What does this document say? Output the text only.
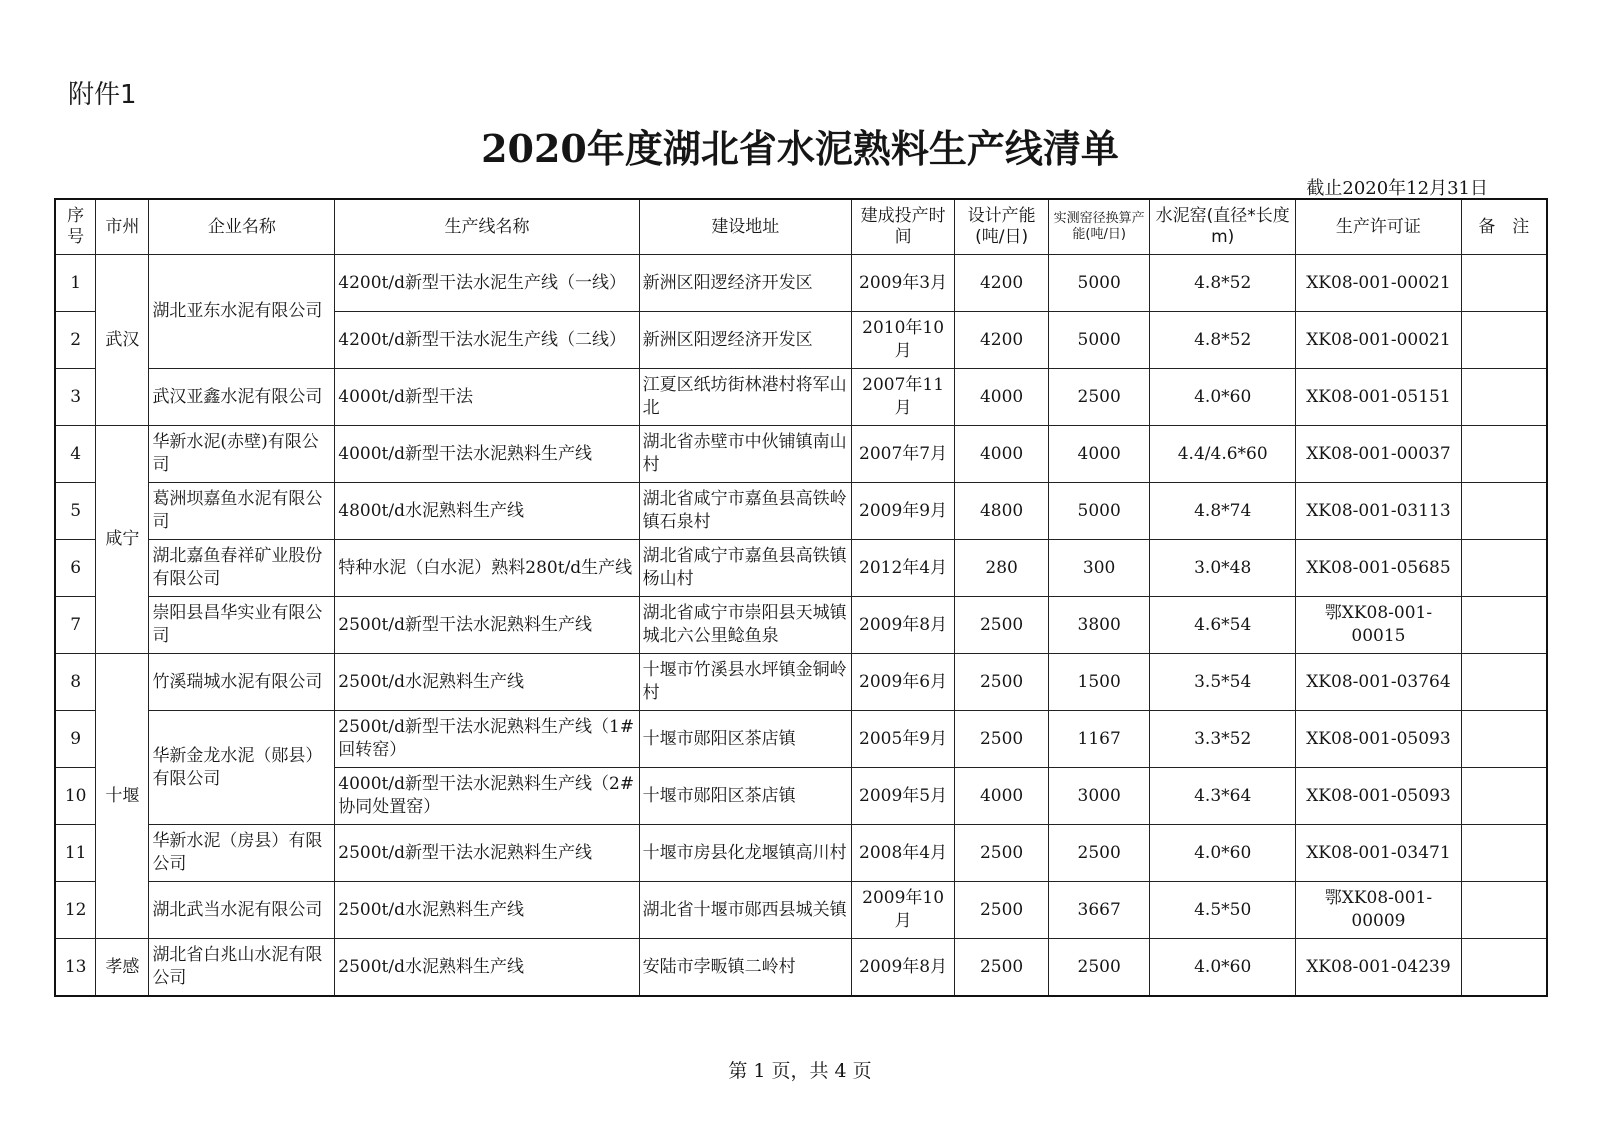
附件1
2020年度湖北省水泥熟料生产线清单
截止2020年12月31日
序号	市州	企业名称	生产线名称	建设地址	建成投产时间	设计产能(吨/日)	实测窑径换算产能(吨/日)	水泥窑(直径*长度m)	生产许可证	备　注
1	武汉	湖北亚东水泥有限公司	4200t/d新型干法水泥生产线（一线）	新洲区阳逻经济开发区	2009年3月	4200	5000	4.8*52	XK08-001-00021	
2			4200t/d新型干法水泥生产线（二线）	新洲区阳逻经济开发区	2010年10月	4200	5000	4.8*52	XK08-001-00021	
3		武汉亚鑫水泥有限公司	4000t/d新型干法	江夏区纸坊街林港村将军山北	2007年11月	4000	2500	4.0*60	XK08-001-05151	
4	咸宁	华新水泥(赤壁)有限公司	4000t/d新型干法水泥熟料生产线	湖北省赤壁市中伙铺镇南山村	2007年7月	4000	4000	4.4/4.6*60	XK08-001-00037	
5		葛洲坝嘉鱼水泥有限公司	4800t/d水泥熟料生产线	湖北省咸宁市嘉鱼县高铁岭镇石泉村	2009年9月	4800	5000	4.8*74	XK08-001-03113	
6		湖北嘉鱼春祥矿业股份有限公司	特种水泥（白水泥）熟料280t/d生产线	湖北省咸宁市嘉鱼县高铁镇杨山村	2012年4月	280	300	3.0*48	XK08-001-05685	
7		崇阳县昌华实业有限公司	2500t/d新型干法水泥熟料生产线	湖北省咸宁市崇阳县天城镇城北六公里鲶鱼泉	2009年8月	2500	3800	4.6*54	鄂XK08-001-00015	
8	十堰	竹溪瑞城水泥有限公司	2500t/d水泥熟料生产线	十堰市竹溪县水坪镇金铜岭村	2009年6月	2500	1500	3.5*54	XK08-001-03764	
9		华新金龙水泥（郧县）有限公司	2500t/d新型干法水泥熟料生产线（1#回转窑）	十堰市郧阳区茶店镇	2005年9月	2500	1167	3.3*52	XK08-001-05093	
10			4000t/d新型干法水泥熟料生产线（2#协同处置窑）	十堰市郧阳区茶店镇	2009年5月	4000	3000	4.3*64	XK08-001-05093	
11		华新水泥（房县）有限公司	2500t/d新型干法水泥熟料生产线	十堰市房县化龙堰镇高川村	2008年4月	2500	2500	4.0*60	XK08-001-03471	
12		湖北武当水泥有限公司	2500t/d水泥熟料生产线	湖北省十堰市郧西县城关镇	2009年10月	2500	3667	4.5*50	鄂XK08-001-00009	
13	孝感	湖北省白兆山水泥有限公司	2500t/d水泥熟料生产线	安陆市孛畈镇二岭村	2009年8月	2500	2500	4.0*60	XK08-001-04239	
第 1 页，共 4 页
